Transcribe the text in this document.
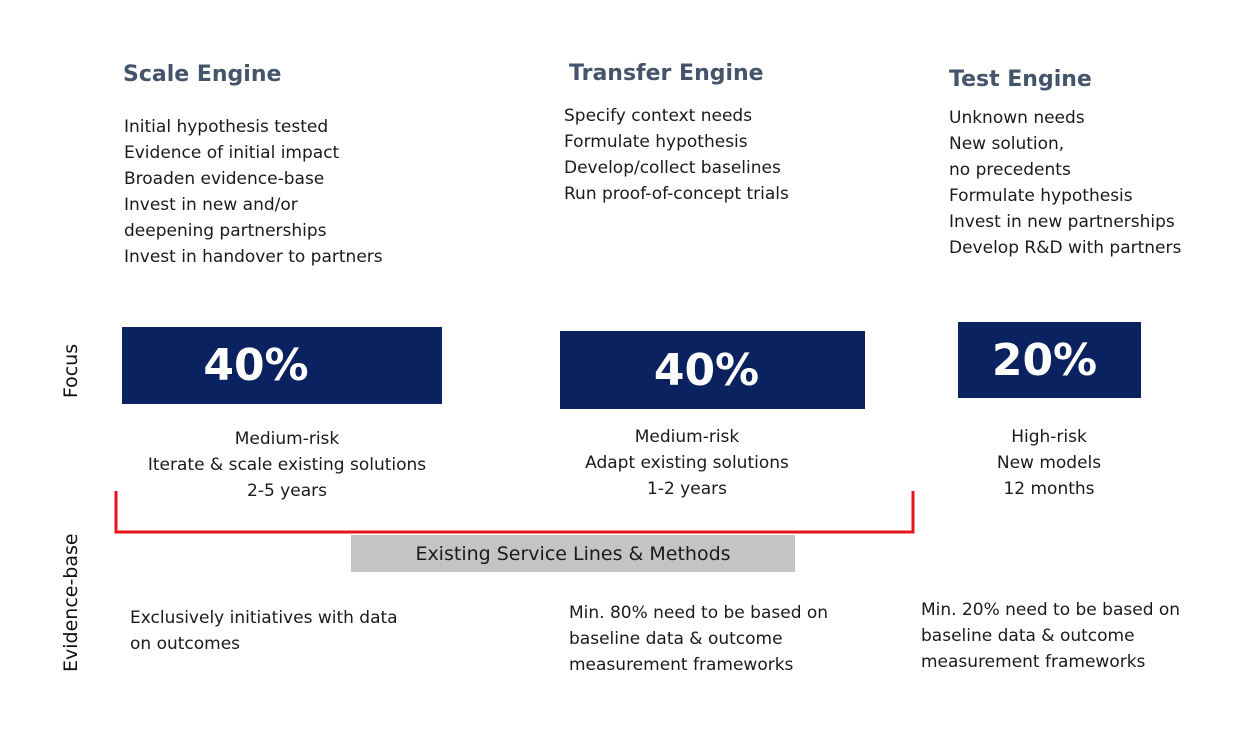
Focus
Evidence-base
Scale Engine
Initial hypothesis tested
Evidence of initial impact
Broaden evidence-base
Invest in new and/or
deepening partnerships
Invest in handover to partners
40%
Medium-risk
Iterate & scale existing solutions
2-5 years
Exclusively initiatives with data
on outcomes
Transfer Engine
Specify context needs
Formulate hypothesis
Develop/collect baselines
Run proof-of-concept trials
40%
Medium-risk
Adapt existing solutions
1-2 years
Min. 80% need to be based on
baseline data & outcome
measurement frameworks
Test Engine
Unknown needs
New solution,
no precedents
Formulate hypothesis
Invest in new partnerships
Develop R&D with partners
20%
High-risk
New models
12 months
Min. 20% need to be based on
baseline data & outcome
measurement frameworks
Existing Service Lines & Methods
